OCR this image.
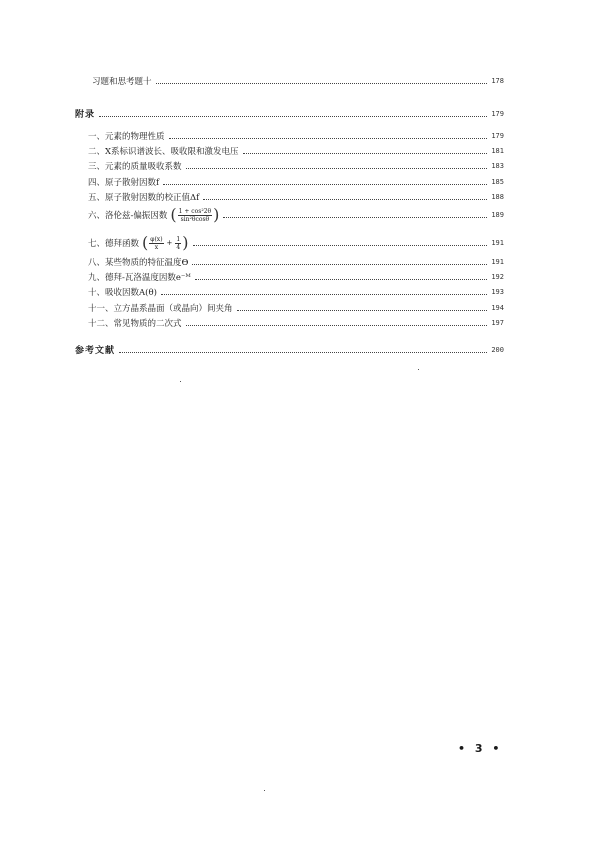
习题和思考题十	178
附录	179
一、元素的物理性质	179
二、X系标识谱波长、吸收限和激发电压	181
三、元素的质量吸收系数	183
四、原子散射因数f	185
五、原子散射因数的校正值Δf	188
六、洛伦兹-偏振因数 ( $\frac{\text{1 + cos²2θ}}{\text{sin²θcosθ}}$ )	189
七、德拜函数 ( $\frac{\varphi(x)}{x} + \frac{1}{4}$ )	191
八、某些物质的特征温度Θ	191
九、德拜-瓦洛温度因数e⁻ᴹ	192
十、吸收因数A(θ)	193
十一、立方晶系晶面（或晶向）间夹角	194
十二、常见物质的二次式	197
参考文献	200
• 3 •
